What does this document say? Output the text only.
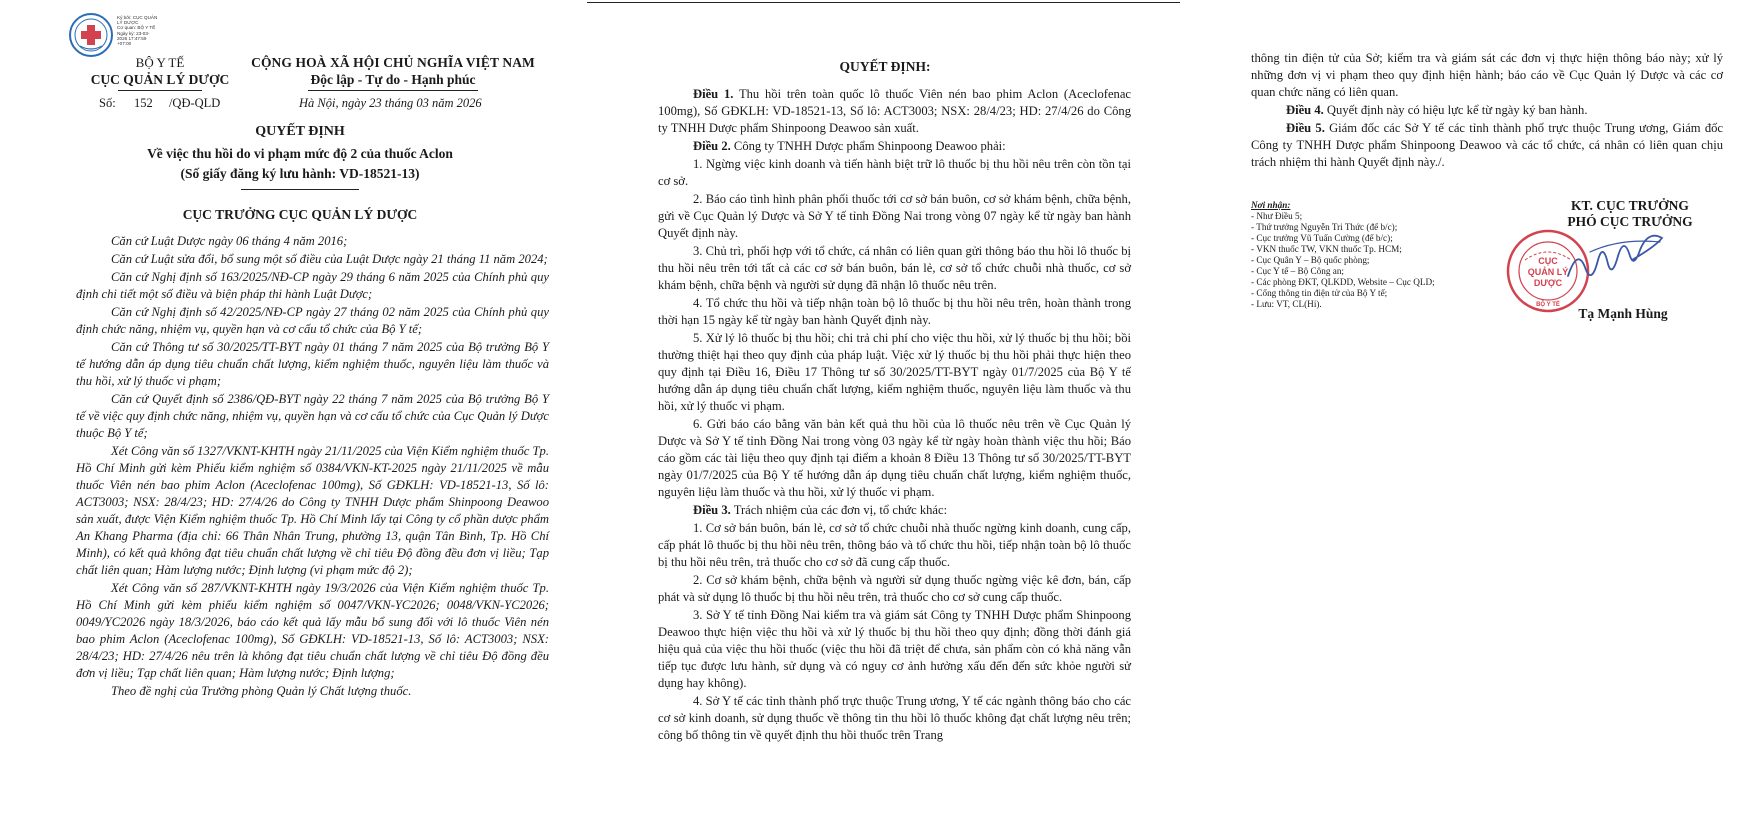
Ký bởi: CỤC QUẢN
LÝ DƯỢC
Cơ quan: BỘ Y TẾ
Ngày ký: 23-03-
2026 17:47:59
+07:00
BỘ Y TẾ
CỤC QUẢN LÝ DƯỢC
CỘNG HOÀ XÃ HỘI CHỦ NGHĨA VIỆT NAM
Độc lập - Tự do - Hạnh phúc
Số: 152 /QĐ-QLD	Hà Nội, ngày 23 tháng 03 năm 2026
QUYẾT ĐỊNH
Về việc thu hồi do vi phạm mức độ 2 của thuốc Aclon
(Số giấy đăng ký lưu hành: VD-18521-13)
CỤC TRƯỞNG CỤC QUẢN LÝ DƯỢC

Căn cứ Luật Dược ngày 06 tháng 4 năm 2016;

Căn cứ Luật sửa đổi, bổ sung một số điều của Luật Dược ngày 21 tháng 11 năm 2024;

Căn cứ Nghị định số 163/2025/NĐ-CP ngày 29 tháng 6 năm 2025 của Chính phủ quy định chi tiết một số điều và biện pháp thi hành Luật Dược;

Căn cứ Nghị định số 42/2025/NĐ-CP ngày 27 tháng 02 năm 2025 của Chính phủ quy định chức năng, nhiệm vụ, quyền hạn và cơ cấu tổ chức của Bộ Y tế;

Căn cứ Thông tư số 30/2025/TT-BYT ngày 01 tháng 7 năm 2025 của Bộ trưởng Bộ Y tế hướng dẫn áp dụng tiêu chuẩn chất lượng, kiểm nghiệm thuốc, nguyên liệu làm thuốc và thu hồi, xử lý thuốc vi phạm;

Căn cứ Quyết định số 2386/QĐ-BYT ngày 22 tháng 7 năm 2025 của Bộ trưởng Bộ Y tế về việc quy định chức năng, nhiệm vụ, quyền hạn và cơ cấu tổ chức của Cục Quản lý Dược thuộc Bộ Y tế;

Xét Công văn số 1327/VKNT-KHTH ngày 21/11/2025 của Viện Kiểm nghiệm thuốc Tp. Hồ Chí Minh gửi kèm Phiếu kiểm nghiệm số 0384/VKN-KT-2025 ngày 21/11/2025 về mẫu thuốc Viên nén bao phim Aclon (Aceclofenac 100mg), Số GĐKLH: VD-18521-13, Số lô: ACT3003; NSX: 28/4/23; HD: 27/4/26 do Công ty TNHH Dược phẩm Shinpoong Deawoo sản xuất, được Viện Kiểm nghiệm thuốc Tp. Hồ Chí Minh lấy tại Công ty cổ phần dược phẩm An Khang Pharma (địa chỉ: 66 Thân Nhân Trung, phường 13, quận Tân Bình, Tp. Hồ Chí Minh), có kết quả không đạt tiêu chuẩn chất lượng về chỉ tiêu Độ đồng đều đơn vị liều; Tạp chất liên quan; Hàm lượng nước; Định lượng (vi phạm mức độ 2);

Xét Công văn số 287/VKNT-KHTH ngày 19/3/2026 của Viện Kiểm nghiệm thuốc Tp. Hồ Chí Minh gửi kèm phiếu kiểm nghiệm số 0047/VKN-YC2026; 0048/VKN-YC2026; 0049/YC2026 ngày 18/3/2026, báo cáo kết quả lấy mẫu bổ sung đối với lô thuốc Viên nén bao phim Aclon (Aceclofenac 100mg), Số GĐKLH: VD-18521-13, Số lô: ACT3003; NSX: 28/4/23; HD: 27/4/26 nêu trên là không đạt tiêu chuẩn chất lượng về chỉ tiêu Độ đồng đều đơn vị liều; Tạp chất liên quan; Hàm lượng nước; Định lượng;

Theo đề nghị của Trưởng phòng Quản lý Chất lượng thuốc.

QUYẾT ĐỊNH:

Điều 1. Thu hồi trên toàn quốc lô thuốc Viên nén bao phim Aclon (Aceclofenac 100mg), Số GĐKLH: VD-18521-13, Số lô: ACT3003; NSX: 28/4/23; HD: 27/4/26 do Công ty TNHH Dược phẩm Shinpoong Deawoo sản xuất.

Điều 2. Công ty TNHH Dược phẩm Shinpoong Deawoo phải:

1. Ngừng việc kinh doanh và tiến hành biệt trữ lô thuốc bị thu hồi nêu trên còn tồn tại cơ sở.

2. Báo cáo tình hình phân phối thuốc tới cơ sở bán buôn, cơ sở khám bệnh, chữa bệnh, gửi về Cục Quản lý Dược và Sở Y tế tỉnh Đồng Nai trong vòng 07 ngày kể từ ngày ban hành Quyết định này.

3. Chủ trì, phối hợp với tổ chức, cá nhân có liên quan gửi thông báo thu hồi lô thuốc bị thu hồi nêu trên tới tất cả các cơ sở bán buôn, bán lẻ, cơ sở tổ chức chuỗi nhà thuốc, cơ sở khám bệnh, chữa bệnh và người sử dụng đã nhận lô thuốc nêu trên.

4. Tổ chức thu hồi và tiếp nhận toàn bộ lô thuốc bị thu hồi nêu trên, hoàn thành trong thời hạn 15 ngày kể từ ngày ban hành Quyết định này.

5. Xử lý lô thuốc bị thu hồi; chi trả chi phí cho việc thu hồi, xử lý thuốc bị thu hồi; bồi thường thiệt hại theo quy định của pháp luật. Việc xử lý thuốc bị thu hồi phải thực hiện theo quy định tại Điều 16, Điều 17 Thông tư số 30/2025/TT-BYT ngày 01/7/2025 của Bộ Y tế hướng dẫn áp dụng tiêu chuẩn chất lượng, kiểm nghiệm thuốc, nguyên liệu làm thuốc và thu hồi, xử lý thuốc vi phạm.

6. Gửi báo cáo bằng văn bản kết quả thu hồi của lô thuốc nêu trên về Cục Quản lý Dược và Sở Y tế tỉnh Đồng Nai trong vòng 03 ngày kể từ ngày hoàn thành việc thu hồi; Báo cáo gồm các tài liệu theo quy định tại điểm a khoản 8 Điều 13 Thông tư số 30/2025/TT-BYT ngày 01/7/2025 của Bộ Y tế hướng dẫn áp dụng tiêu chuẩn chất lượng, kiểm nghiệm thuốc, nguyên liệu làm thuốc và thu hồi, xử lý thuốc vi phạm.

Điều 3. Trách nhiệm của các đơn vị, tổ chức khác:

1. Cơ sở bán buôn, bán lẻ, cơ sở tổ chức chuỗi nhà thuốc ngừng kinh doanh, cung cấp, cấp phát lô thuốc bị thu hồi nêu trên, thông báo và tổ chức thu hồi, tiếp nhận toàn bộ lô thuốc bị thu hồi nêu trên, trả thuốc cho cơ sở đã cung cấp thuốc.

2. Cơ sở khám bệnh, chữa bệnh và người sử dụng thuốc ngừng việc kê đơn, bán, cấp phát và sử dụng lô thuốc bị thu hồi nêu trên, trả thuốc cho cơ sở cung cấp thuốc.

3. Sở Y tế tỉnh Đồng Nai kiểm tra và giám sát Công ty TNHH Dược phẩm Shinpoong Deawoo thực hiện việc thu hồi và xử lý thuốc bị thu hồi theo quy định; đồng thời đánh giá hiệu quả của việc thu hồi thuốc (việc thu hồi đã triệt để chưa, sản phẩm còn có khả năng vẫn tiếp tục được lưu hành, sử dụng và có nguy cơ ảnh hưởng xấu đến đến sức khỏe người sử dụng hay không).

4. Sở Y tế các tỉnh thành phố trực thuộc Trung ương, Y tế các ngành thông báo cho các cơ sở kinh doanh, sử dụng thuốc về thông tin thu hồi lô thuốc không đạt chất lượng nêu trên; công bố thông tin về quyết định thu hồi thuốc trên Trang

thông tin điện tử của Sở; kiểm tra và giám sát các đơn vị thực hiện thông báo này; xử lý những đơn vị vi phạm theo quy định hiện hành; báo cáo về Cục Quản lý Dược và các cơ quan chức năng có liên quan.

Điều 4. Quyết định này có hiệu lực kể từ ngày ký ban hành.

Điều 5. Giám đốc các Sở Y tế các tỉnh thành phố trực thuộc Trung ương, Giám đốc Công ty TNHH Dược phẩm Shinpoong Deawoo và các tổ chức, cá nhân có liên quan chịu trách nhiệm thi hành Quyết định này./.

Nơi nhận:
- Như Điều 5;
- Thứ trưởng Nguyễn Tri Thức (để b/c);
- Cục trưởng Vũ Tuấn Cường (để b/c);
- VKN thuốc TW, VKN thuốc Tp. HCM;
- Cục Quân Y – Bộ quốc phòng;
- Cục Y tế – Bộ Công an;
- Các phòng ĐKT, QLKDD, Website – Cục QLD;
- Cổng thông tin điện tử của Bộ Y tế;
- Lưu: VT, CL(Hi).
KT. CỤC TRƯỞNG
PHÓ CỤC TRƯỞNG
CỤC
QUẢN LÝ
DƯỢC
BỘ Y TẾ
Tạ Mạnh Hùng
